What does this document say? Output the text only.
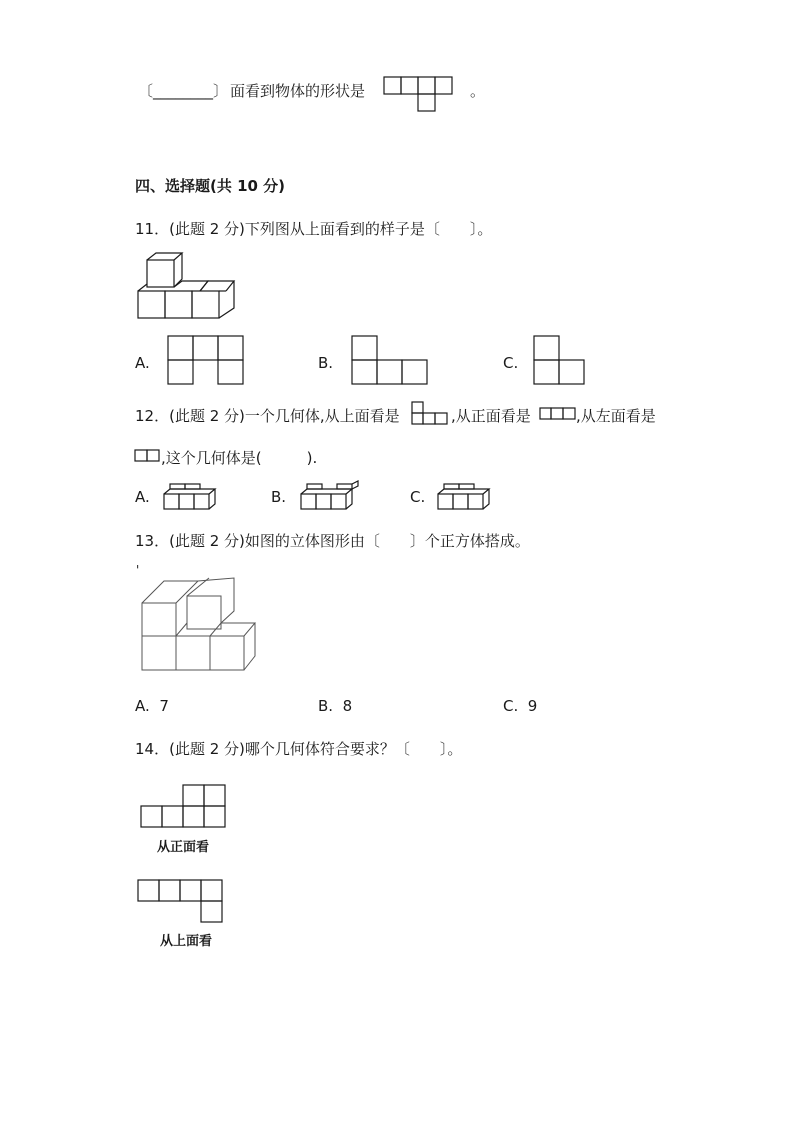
〔________〕 面看到物体的形状是	。
四、选择题(共 10 分)
11．(此题 2 分)下列图从上面看到的样子是〔　　〕。
A.	B.	C.
12．(此题 2 分)一个几何体,从上面看是	,从正面看是	,从左面看是
,这个几何体是(　　　).
A.	B.	C.
13．(此题 2 分)如图的立体图形由〔　　〕个正方体搭成。
'
A. 7	B. 8	C. 9
14．(此题 2 分)哪个几何体符合要求？〔　　〕。
从正面看
从上面看
